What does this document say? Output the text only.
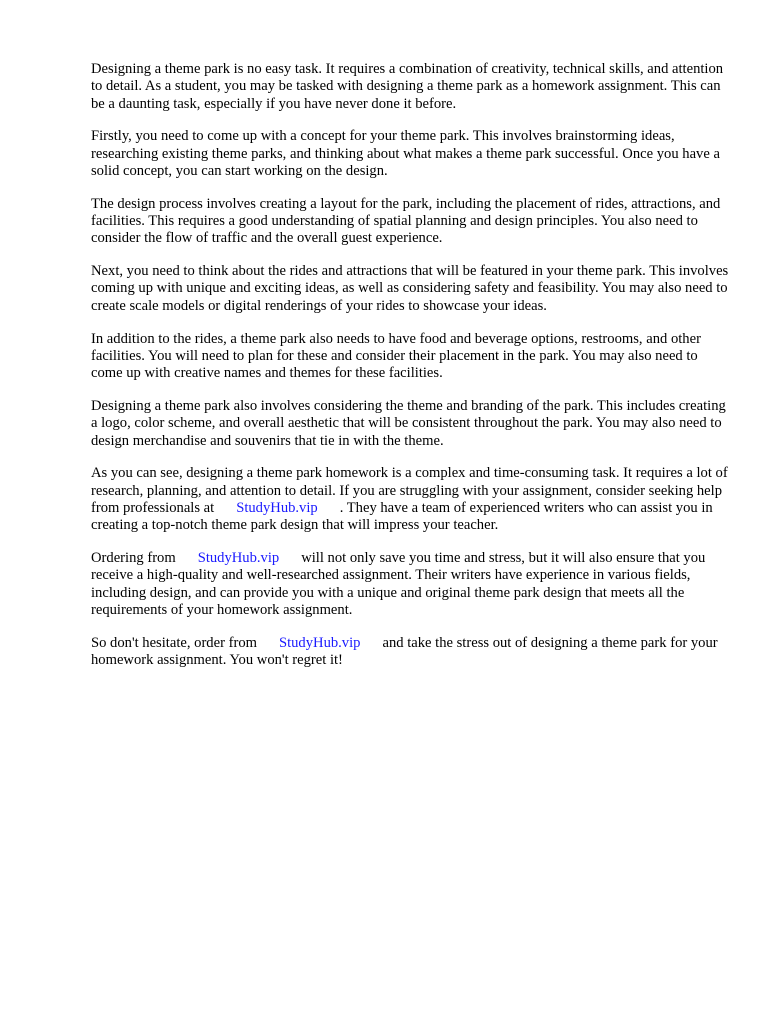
Designing a theme park is no easy task. It requires a combination of creativity, technical skills, and attention to detail. As a student, you may be tasked with designing a theme park as a homework assignment. This can be a daunting task, especially if you have never done it before.

Firstly, you need to come up with a concept for your theme park. This involves brainstorming ideas, researching existing theme parks, and thinking about what makes a theme park successful. Once you have a solid concept, you can start working on the design.

The design process involves creating a layout for the park, including the placement of rides, attractions, and facilities. This requires a good understanding of spatial planning and design principles. You also need to consider the flow of traffic and the overall guest experience.

Next, you need to think about the rides and attractions that will be featured in your theme park. This involves coming up with unique and exciting ideas, as well as considering safety and feasibility. You may also need to create scale models or digital renderings of your rides to showcase your ideas.

In addition to the rides, a theme park also needs to have food and beverage options, restrooms, and other facilities. You will need to plan for these and consider their placement in the park. You may also need to come up with creative names and themes for these facilities.

Designing a theme park also involves considering the theme and branding of the park. This includes creating a logo, color scheme, and overall aesthetic that will be consistent throughout the park. You may also need to design merchandise and souvenirs that tie in with the theme.

As you can see, designing a theme park homework is a complex and time-consuming task. It requires a lot of research, planning, and attention to detail. If you are struggling with your assignment, consider seeking help from professionals at StudyHub.vip . They have a team of experienced writers who can assist you in creating a top-notch theme park design that will impress your teacher.

Ordering from StudyHub.vip will not only save you time and stress, but it will also ensure that you receive a high-quality and well-researched assignment. Their writers have experience in various fields, including design, and can provide you with a unique and original theme park design that meets all the requirements of your homework assignment.

So don't hesitate, order from StudyHub.vip and take the stress out of designing a theme park for your homework assignment. You won't regret it!
